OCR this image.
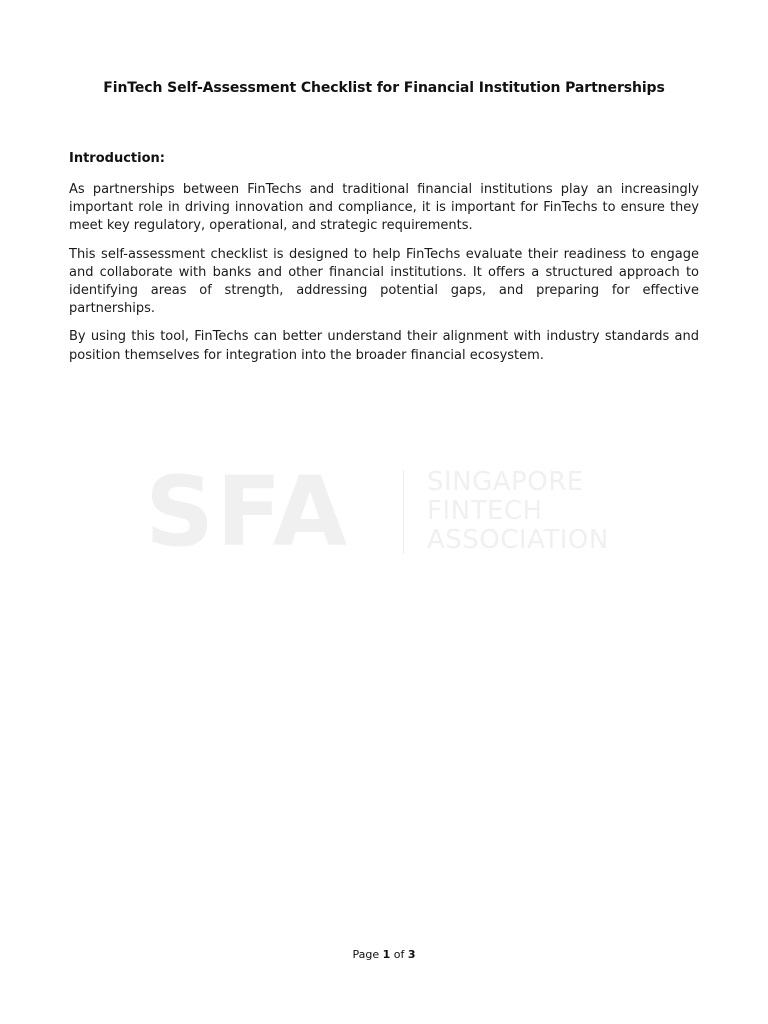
FinTech Self-Assessment Checklist for Financial Institution Partnerships
Introduction:

As partnerships between FinTechs and traditional financial institutions play an increasingly important role in driving innovation and compliance, it is important for FinTechs to ensure they meet key regulatory, operational, and strategic requirements.

This self-assessment checklist is designed to help FinTechs evaluate their readiness to engage and collaborate with banks and other financial institutions. It offers a structured approach to identifying areas of strength, addressing potential gaps, and preparing for effective partnerships.

By using this tool, FinTechs can better understand their alignment with industry standards and position themselves for integration into the broader financial ecosystem.

SFA	SINGAPORE
FINTECH
ASSOCIATION
Page 1 of 3
